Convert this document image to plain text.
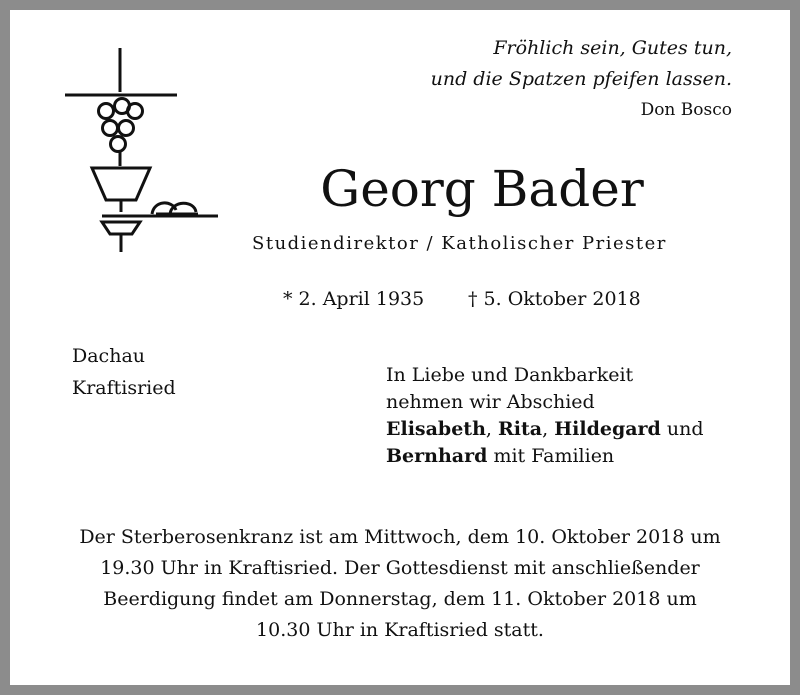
Fröhlich sein, Gutes tun,
und die Spatzen pfeifen lassen.
Don Bosco
Georg Bader
Studiendirektor / Katholischer Priester
* 2. April 1935 † 5. Oktober 2018
Dachau
Kraftisried
In Liebe und Dankbarkeit
nehmen wir Abschied
Elisabeth, Rita, Hildegard und
Bernhard mit Familien
Der Sterberosenkranz ist am Mittwoch, dem 10. Oktober 2018 um
19.30 Uhr in Kraftisried. Der Gottesdienst mit anschließender
Beerdigung findet am Donnerstag, dem 11. Oktober 2018 um
10.30 Uhr in Kraftisried statt.
